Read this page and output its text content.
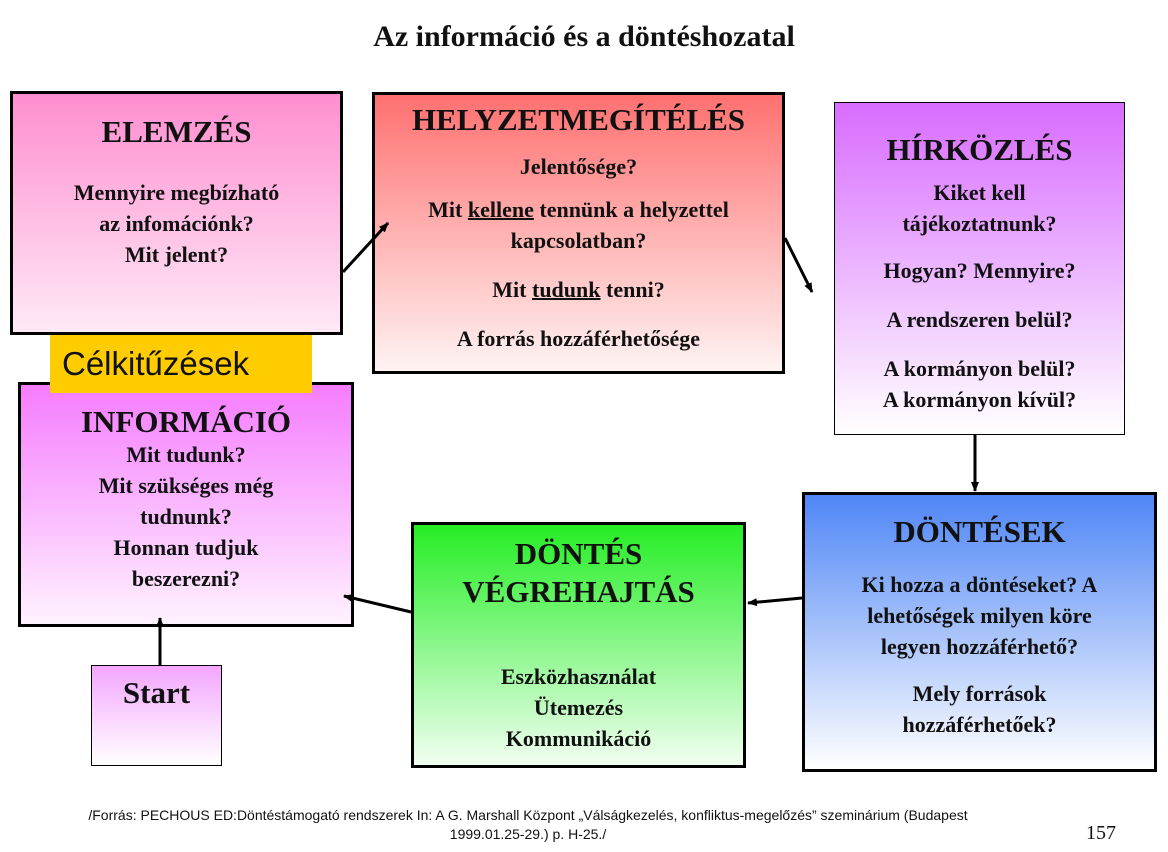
Az információ és a döntéshozatal
ELEMZÉS
Mennyire megbízható
az infomációnk?
Mit jelent?
HELYZETMEGÍTÉLÉS
Jelentősége?
Mit kellene tennünk a helyzettel
kapcsolatban?
Mit tudunk tenni?
A forrás hozzáférhetősége
HÍRKÖZLÉS
Kiket kell
tájékoztatnunk?
Hogyan? Mennyire?
A rendszeren belül?
A kormányon belül?
A kormányon kívül?
INFORMÁCIÓ
Mit tudunk?
Mit szükséges még
tudnunk?
Honnan tudjuk
beszerezni?
Célkitűzések
DÖNTÉS
VÉGREHAJTÁS
Eszközhasználat
Ütemezés
Kommunikáció
DÖNTÉSEK
Ki hozza a döntéseket? A
lehetőségek milyen köre
legyen hozzáférhető?
Mely források
hozzáférhetőek?
Start
/Forrás: PECHOUS ED:Döntéstámogató rendszerek In: A G. Marshall Központ „Válságkezelés, konfliktus-megelőzés” szeminárium (Budapest
1999.01.25-29.) p. H-25./	157
